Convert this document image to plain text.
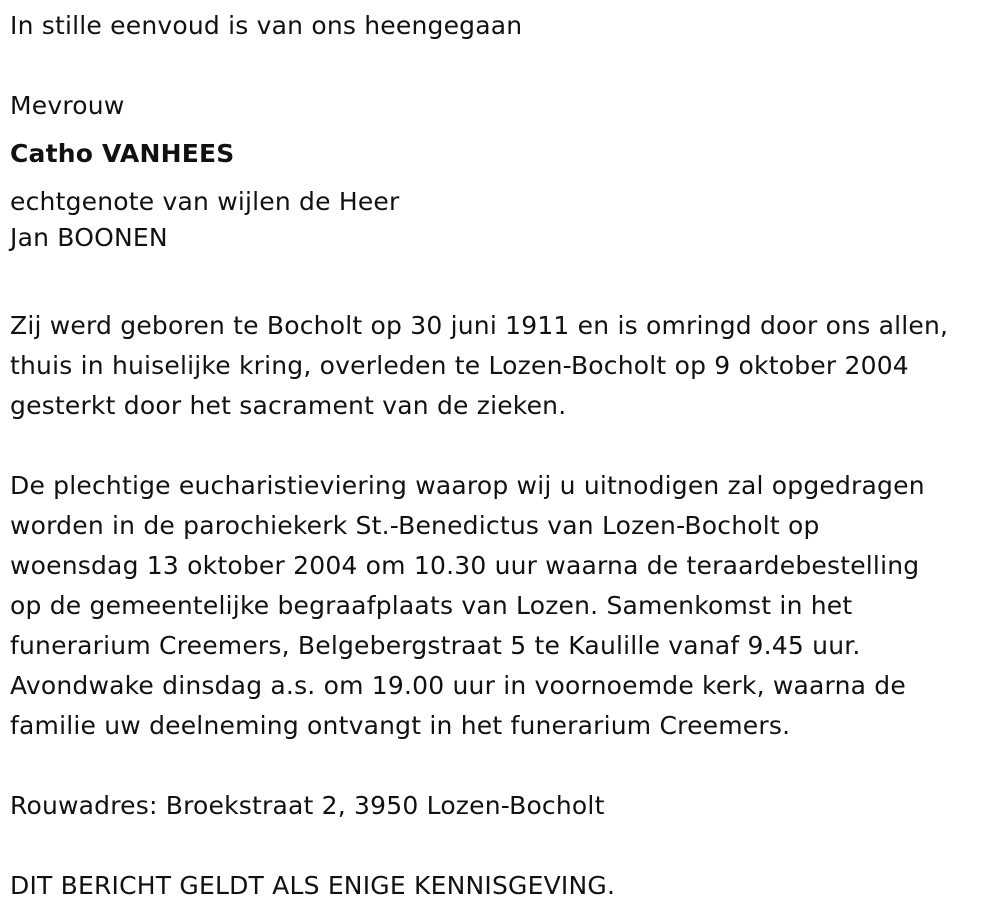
In stille eenvoud is van ons heengegaan
Mevrouw
Catho VANHEES
echtgenote van wijlen de Heer
Jan BOONEN
Zij werd geboren te Bocholt op 30 juni 1911 en is omringd door ons allen,
thuis in huiselijke kring, overleden te Lozen-Bocholt op 9 oktober 2004
gesterkt door het sacrament van de zieken.
De plechtige eucharistieviering waarop wij u uitnodigen zal opgedragen
worden in de parochiekerk St.-Benedictus van Lozen-Bocholt op
woensdag 13 oktober 2004 om 10.30 uur waarna de teraardebestelling
op de gemeentelijke begraafplaats van Lozen. Samenkomst in het
funerarium Creemers, Belgebergstraat 5 te Kaulille vanaf 9.45 uur.
Avondwake dinsdag a.s. om 19.00 uur in voornoemde kerk, waarna de
familie uw deelneming ontvangt in het funerarium Creemers.
Rouwadres: Broekstraat 2, 3950 Lozen-Bocholt
DIT BERICHT GELDT ALS ENIGE KENNISGEVING.
